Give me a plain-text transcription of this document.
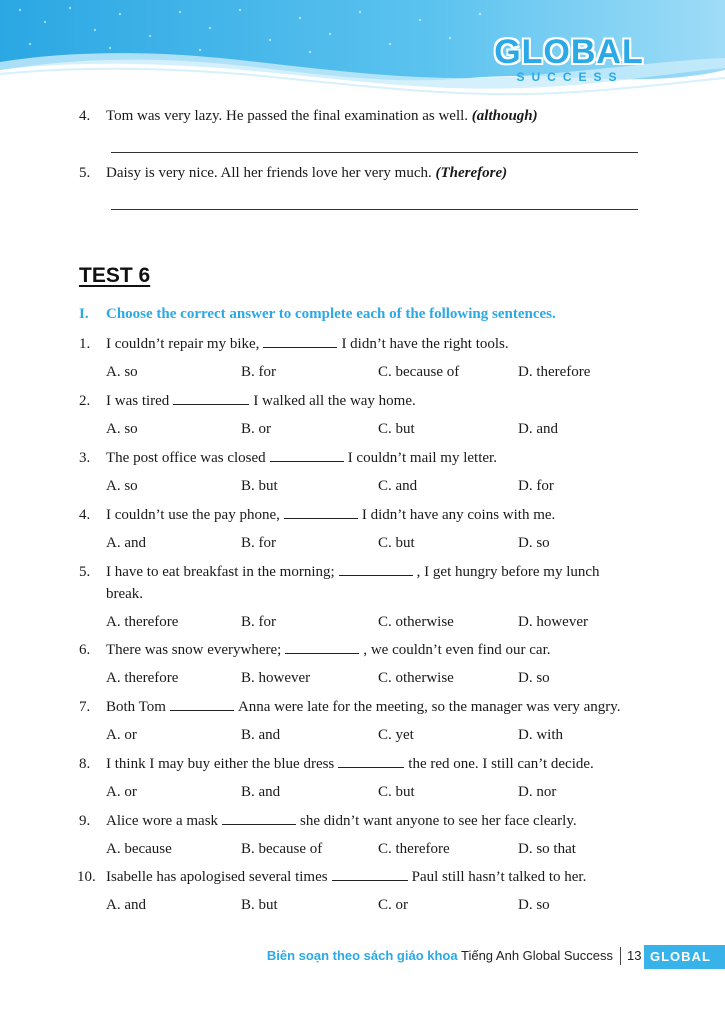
GLOBAL
SUCCESS
4. Tom was very lazy. He passed the final examination as well. (although)
5. Daisy is very nice. All her friends love her very much. (Therefore)
TEST 6
I. Choose the correct answer to complete each of the following sentences.
1. I couldn’t repair my bike,	I didn’t have the right tools.
A. so	B. for	C. because of	D. therefore
2. I was tired	I walked all the way home.
A. so	B. or	C. but	D. and
3. The post office was closed	I couldn’t mail my letter.
A. so	B. but	C. and	D. for
4. I couldn’t use the pay phone,	I didn’t have any coins with me.
A. and	B. for	C. but	D. so
5. I have to eat breakfast in the morning;	, I get hungry before my lunch
break.
A. therefore	B. for	C. otherwise	D. however
6. There was snow everywhere;	, we couldn’t even find our car.
A. therefore	B. however	C. otherwise	D. so
7. Both Tom	Anna were late for the meeting, so the manager was very angry.
A. or	B. and	C. yet	D. with
8. I think I may buy either the blue dress	the red one. I still can’t decide.
A. or	B. and	C. but	D. nor
9. Alice wore a mask	she didn’t want anyone to see her face clearly.
A. because	B. because of	C. therefore	D. so that
10. Isabelle has apologised several times	Paul still hasn’t talked to her.
A. and	B. but	C. or	D. so
Biên soạn theo sách giáo khoa Tiếng Anh Global Success 13 GLOBAL
